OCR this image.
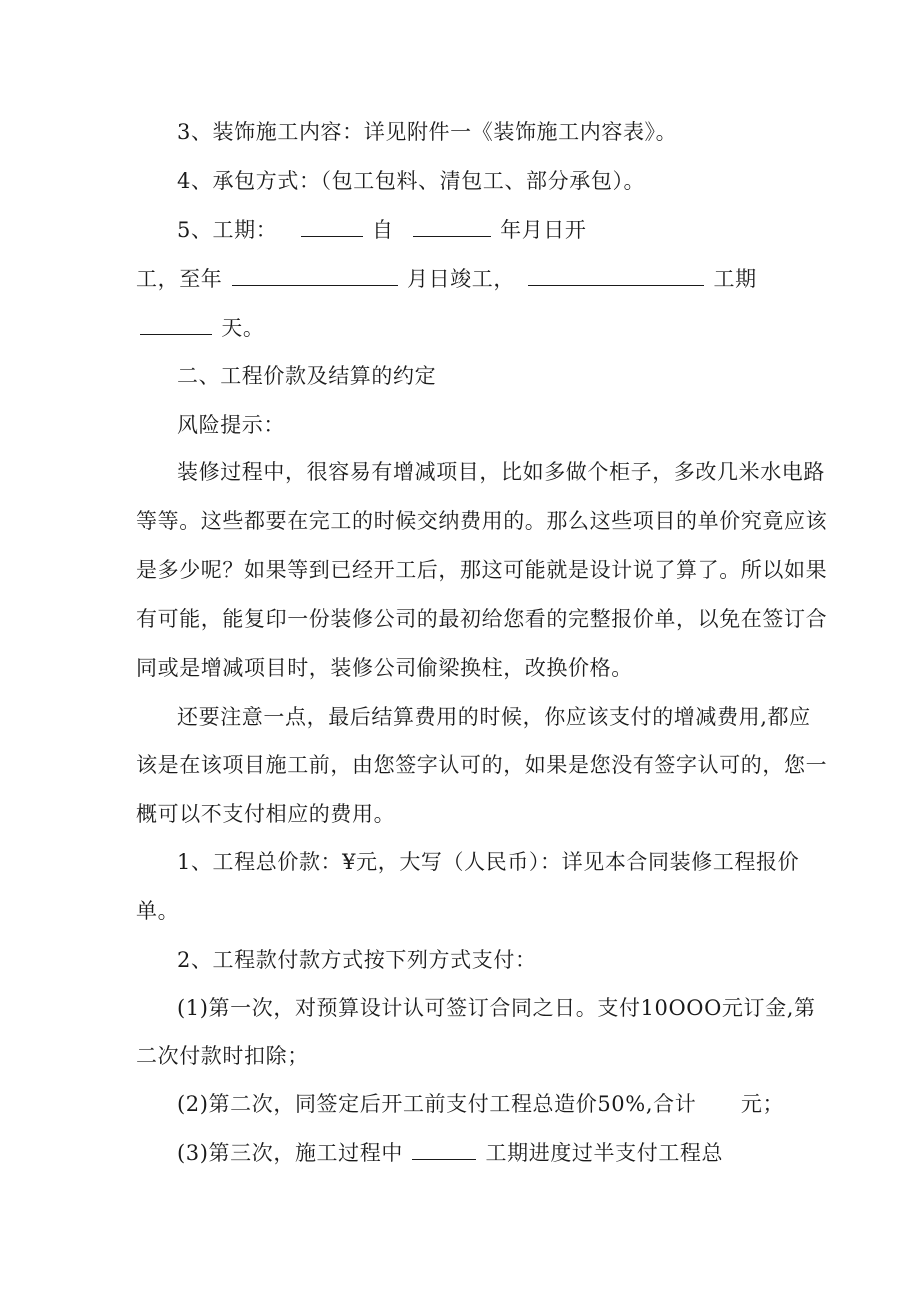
3、装饰施工内容：详见附件一《装饰施工内容表》。
4、承包方式：（包工包料、清包工、部分承包）。
5、工期：	自	年月日开
工，至年	月日竣工，	工期
天。
二、工程价款及结算的约定
风险提示：
装修过程中，很容易有增减项目，比如多做个柜子，多改几米水电路
等等。这些都要在完工的时候交纳费用的。那么这些项目的单价究竟应该
是多少呢？如果等到已经开工后，那这可能就是设计说了算了。所以如果
有可能，能复印一份装修公司的最初给您看的完整报价单，以免在签订合
同或是增减项目时，装修公司偷梁换柱，改换价格。
还要注意一点，最后结算费用的时候，你应该支付的增减费用,都应
该是在该项目施工前，由您签字认可的，如果是您没有签字认可的，您一
概可以不支付相应的费用。
1、工程总价款：¥元，大写（人民币）：详见本合同装修工程报价
单。
2、工程款付款方式按下列方式支付：
(1)第一次，对预算设计认可签订合同之日。支付10OOO元订金,第
二次付款时扣除；
(2)第二次，同签定后开工前支付工程总造价50%,合计 元；
(3)第三次，施工过程中	工期进度过半支付工程总
